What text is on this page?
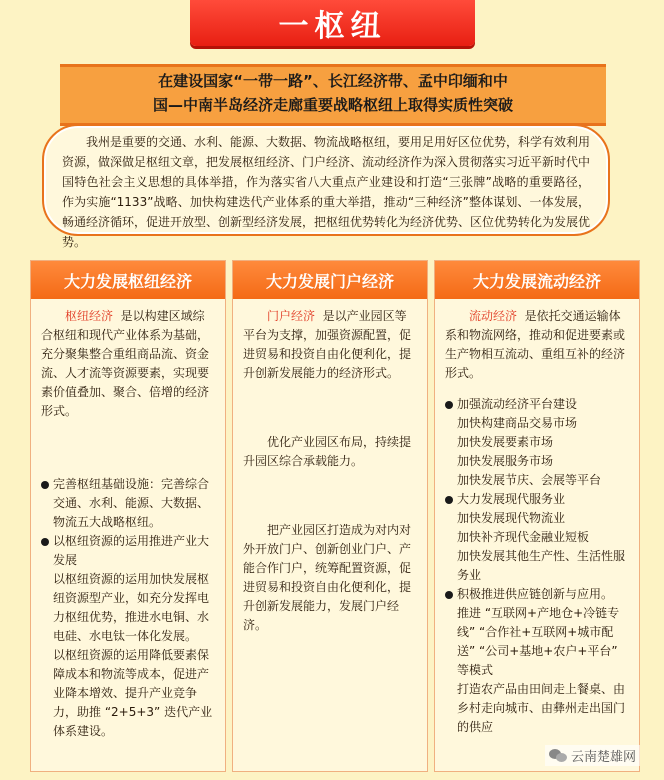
一枢纽

在建设国家“一带一路”、长江经济带、孟中印缅和中

国—中南半岛经济走廊重要战略枢纽上取得实质性突破

我州是重要的交通、水利、能源、大数据、物流战略枢纽，要用足用好区位优势，科学有效利用资源，做深做足枢纽文章，把发展枢纽经济、门户经济、流动经济作为深入贯彻落实习近平新时代中国特色社会主义思想的具体举措，作为落实省八大重点产业建设和打造“三张牌”战略的重要路径，作为实施“1133”战略、加快构建迭代产业体系的重大举措，推动“三种经济”整体谋划、一体发展，畅通经济循环，促进开放型、创新型经济发展，把枢纽优势转化为经济优势、区位优势转化为发展优势。
大力发展枢纽经济

枢纽经济 是以构建区域综合枢纽和现代产业体系为基础，充分聚集整合重组商品流、资金流、人才流等资源要素，实现要素价值叠加、聚合、倍增的经济形式。

完善枢纽基础设施：完善综合交通、水利、能源、大数据、物流五大战略枢纽。

以枢纽资源的运用推进产业大发展

以枢纽资源的运用加快发展枢纽资源型产业，如充分发挥电力枢纽优势，推进水电铜、水电硅、水电钛一体化发展。

以枢纽资源的运用降低要素保障成本和物流等成本，促进产业降本增效、提升产业竞争力，助推 “2+5+3” 迭代产业体系建设。

大力发展门户经济

门户经济 是以产业园区等平台为支撑，加强资源配置，促进贸易和投资自由化便利化，提升创新发展能力的经济形式。

优化产业园区布局，持续提升园区综合承载能力。

把产业园区打造成为对内对外开放门户、创新创业门户、产能合作门户，统筹配置资源，促进贸易和投资自由化便利化，提升创新发展能力，发展门户经济。

大力发展流动经济

流动经济 是依托交通运输体系和物流网络，推动和促进要素或生产物相互流动、重组互补的经济形式。

加强流动经济平台建设

加快构建商品交易市场

加快发展要素市场

加快发展服务市场

加快发展节庆、会展等平台

大力发展现代服务业

加快发展现代物流业

加快补齐现代金融业短板

加快发展其他生产性、生活性服务业

积极推进供应链创新与应用。

推进 “互联网+产地仓+冷链专线” “合作社+互联网+城市配送” “公司+基地+农户+平台” 等模式

打造农产品由田间走上餐桌、由乡村走向城市、由彝州走出国门的供应

云南楚雄网
